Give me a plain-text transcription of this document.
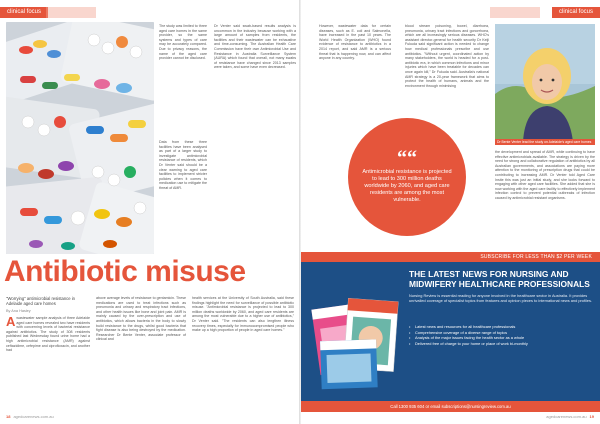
clinical focus

The study was limited to three aged care homes in the same provider, so the same systems and types of care may be accurately compared. Due to privacy reasons, the name of the aged care provider cannot be disclosed.

Data from these three facilities have been analysed as part of a larger study to investigate antimicrobial resistance of residents, which Dr Venter said should be a clear warning to aged care facilities to implement stricter policies when it comes to medication use to mitigate the threat of AMR.

Dr Venter said swab-based results analysis is uncommon in the industry because working with a large amount of samples from residents, the facilities and their wastewater can be exhaustive and time-consuming. The Australian Health Care Commission have their own Antimicrobial Use and Resistance in Australia Surveillance System (AURA) which found that overall, not many swabs of resistance have changed since 2013 samples were taken, and some have even decreased.

Antibiotic misuse
"Worrying" antimicrobial resistance in Adelaide aged care homes
By Ana Hasley

A wastewater sample analysis of three Adelaide aged care homes revealed two have residents with concerning levels of bacterial resistance against antibiotics. The study of 308 residents published last Wednesday found urine home had a high antimicrobial resistance (AMR) against ceftazidime, cefepime and ciprofloxacin, and another had

above average levels of resistance to gentamicin. These medications are used to treat infections such as pneumonia and urinary and respiratory tract infections, and other health issues like bone and joint pain. AMR is mainly caused by the over-prescription and use of antibiotics, which allows bacteria in the body to slowly build resistance to the drugs, whilst good bacteria that fight disease is also being destroyed by the medication. Researcher Dr Bente Venter, associate professor of clinical and

health services at the University of South Australia, said these findings highlight the need for surveillance of possible antibiotic misuse. "Antimicrobial resistance is projected to lead to 300 million deaths worldwide by 2060, and aged care residents are among the most vulnerable due to a higher use of antibiotics," Dr Venter said. "The residents can also lengthen illness recovery times, especially for immunocompromised people who make up a high proportion of people in aged care homes."

18 agedcarenews.com.au
clinical focus

However, wastewater data for certain diseases, such as E. coli and Salmonella, have increased in the past 10 years. The World Health Organization (WHO) found evidence of resistance to antibiotics in a 2014 report, and said AMR is a serious threat that is happening now, and can affect anyone in any country.

blood stream poisoning, bowel, diarrhoea, pneumonia, urinary tract infections and gonorrhoea, which are all increasingly serious diseases. WHO's assistant director-general for health security Dr Keiji Fukuda said significant action is needed to change how medical professionals prescribe and use antibiotics. "Without urgent, coordinated action by many stakeholders, the world is headed for a post-antibiotic era, in which common infections and minor injuries which have been treatable for decades can once again kill," Dr Fukuda said. Australia's national AMR strategy is a 20-year framework that aims to protect the health of humans, animals and the environment through minimising

““
Antimicrobial resistance is projected to lead to 300 million deaths worldwide by 2060, and aged care residents are among the most vulnerable.
Dr Bente Venter lead the study on Adelaide's aged care homes

the development and spread of AMR, while continuing to have effective antimicrobials available. The strategy is driven by the need for strong and collaborative regulation of antibiotics by all Australian governments, and associations are paying more attention to the monitoring of prescription drugs that could be contributing to increasing AMR. Dr Venter told Aged Care Insite this was just an initial study, and she looks forward to engaging with other aged care facilities. She added that she is now working with the aged care facility to effectively implement infection control to prevent potential outbreaks of infection caused by antimicrobial resistant organisms.

SUBSCRIBE FOR LESS THAN $2 PER WEEK
THE LATEST NEWS FOR NURSING AND MIDWIFERY HEALTHCARE PROFESSIONALS
Nursing Review is essential reading for anyone involved in the healthcare sector in Australia. It provides unrivalled coverage of specialist topics from features and opinion pieces to international news and profiles.
• Latest news and resources for all healthcare professionals
• Comprehensive coverage of a diverse range of topics
• Analysis of the major issues facing the health sector as a whole
• Delivered free of charge to your home or place of work bi-monthly
Call 1300 935 604 or email subscriptions@nursingreview.com.au
agedcarenews.com.au 19
